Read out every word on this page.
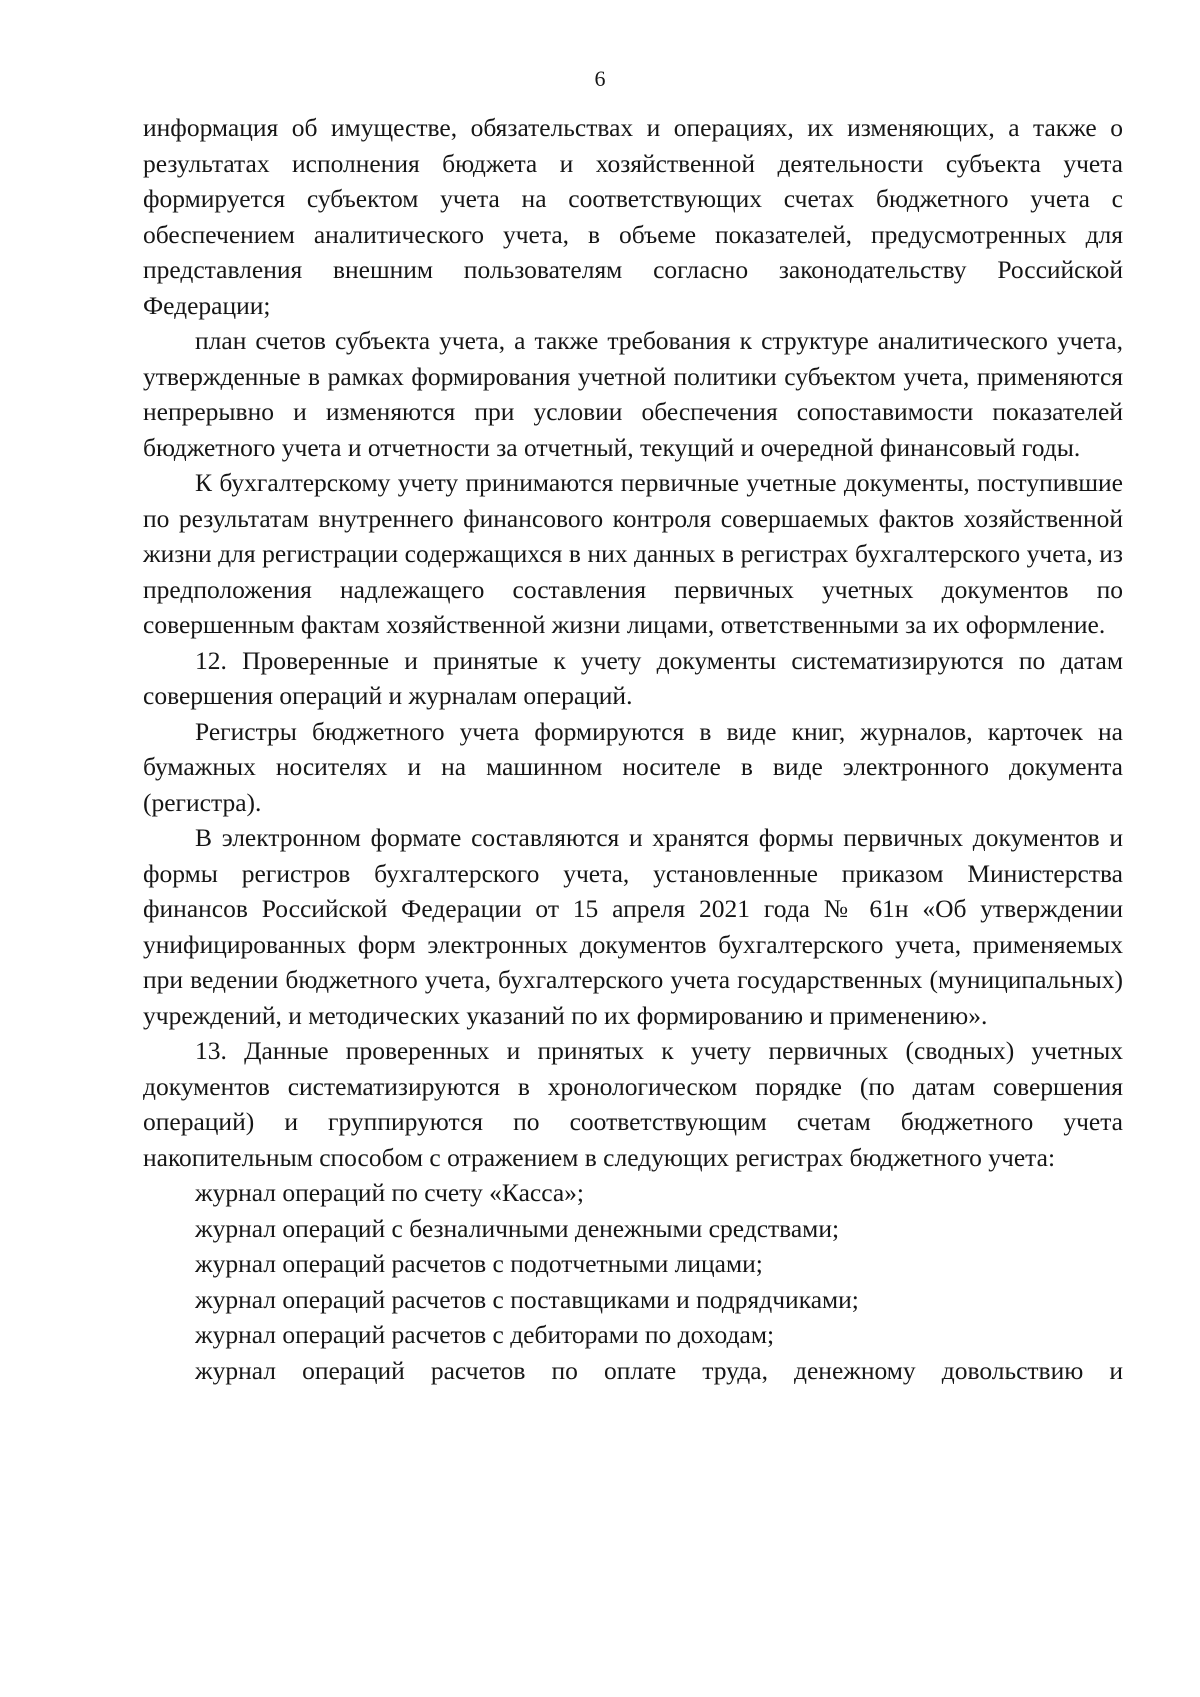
6

информация об имуществе, обязательствах и операциях, их изменяющих, а также о результатах исполнения бюджета и хозяйственной деятельности субъекта учета формируется субъектом учета на соответствующих счетах бюджетного учета с обеспечением аналитического учета, в объеме показателей, предусмотренных для представления внешним пользователям согласно законодательству Российской Федерации;

план счетов субъекта учета, а также требования к структуре аналитического учета, утвержденные в рамках формирования учетной политики субъектом учета, применяются непрерывно и изменяются при условии обеспечения сопоставимости показателей бюджетного учета и отчетности за отчетный, текущий и очередной финансовый годы.

К бухгалтерскому учету принимаются первичные учетные документы, поступившие по результатам внутреннего финансового контроля совершаемых фактов хозяйственной жизни для регистрации содержащихся в них данных в регистрах бухгалтерского учета, из предположения надлежащего составления первичных учетных документов по совершенным фактам хозяйственной жизни лицами, ответственными за их оформление.

12. Проверенные и принятые к учету документы систематизируются по датам совершения операций и журналам операций.

Регистры бюджетного учета формируются в виде книг, журналов, карточек на бумажных носителях и на машинном носителе в виде электронного документа (регистра).

В электронном формате составляются и хранятся формы первичных документов и формы регистров бухгалтерского учета, установленные приказом Министерства финансов Российской Федерации от 15 апреля 2021 года № 61н «Об утверждении унифицированных форм электронных документов бухгалтерского учета, применяемых при ведении бюджетного учета, бухгалтерского учета государственных (муниципальных) учреждений, и методических указаний по их формированию и применению».

13. Данные проверенных и принятых к учету первичных (сводных) учетных документов систематизируются в хронологическом порядке (по датам совершения операций) и группируются по соответствующим счетам бюджетного учета накопительным способом с отражением в следующих регистрах бюджетного учета:

журнал операций по счету «Касса»;

журнал операций с безналичными денежными средствами;

журнал операций расчетов с подотчетными лицами;

журнал операций расчетов с поставщиками и подрядчиками;

журнал операций расчетов с дебиторами по доходам;

журнал операций расчетов по оплате труда, денежному довольствию и
